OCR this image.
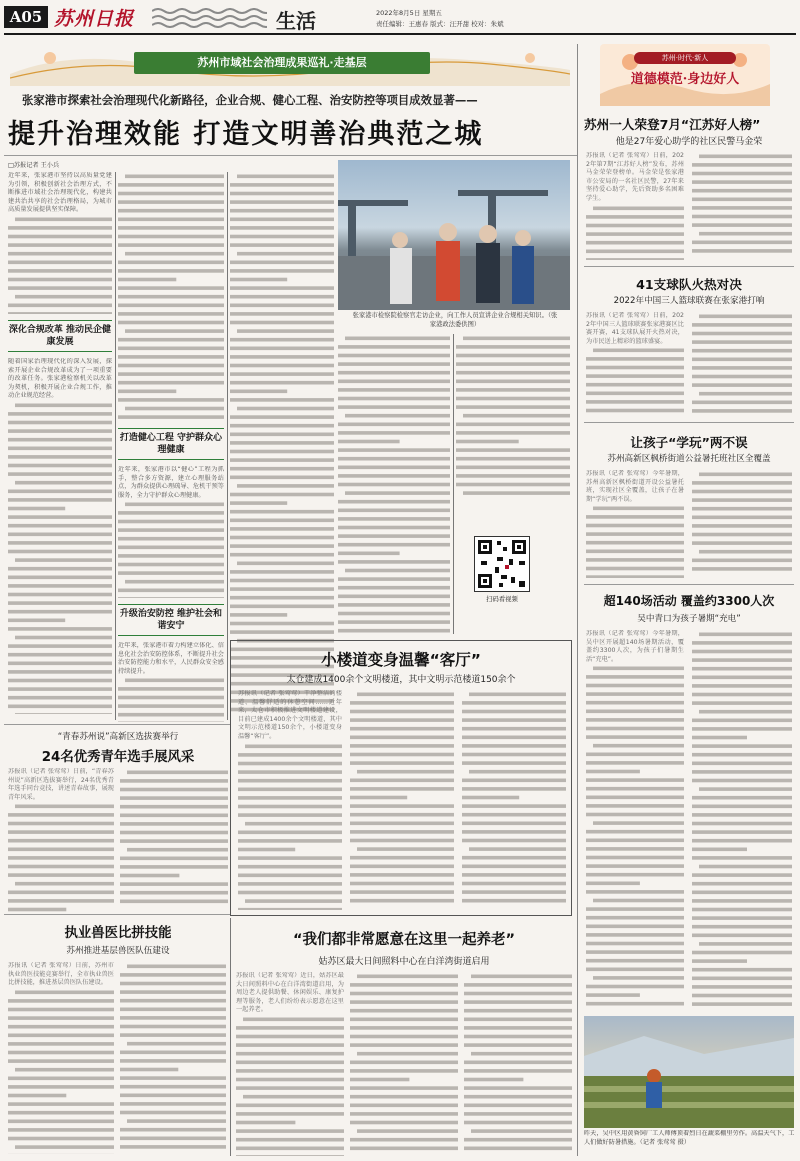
A05 苏州日报	生活	2022年8月5日 星期五
责任编辑：王惠春 版式：汪开甜 校对：朱斌
苏州市域社会治理成果巡礼·走基层
张家港市探索社会治理现代化新路径，企业合规、健心工程、治安防控等项目成效显著——
提升治理效能 打造文明善治典范之城
□苏报记者 王小兵
近年来，张家港市坚持以高质量党建为引领，积极创新社会治理方式，不断推进市域社会治理现代化，构建共建共治共享的社会治理格局，为城市高质量发展提供坚实保障。
深化合规改革 推动民企健康发展
随着国家治理现代化的深入发展，探索开展企业合规改革成为了一项重要的改革任务。张家港检察机关以改革为契机，积极开展企业合规工作，推动企业规范经营。
打造健心工程 守护群众心理健康
近年来，张家港市以“健心”工程为抓手，整合多方资源，建立心理服务站点，为群众提供心理疏导、危机干预等服务，全力守护群众心理健康。
升级治安防控 维护社会和谐安宁
近年来，张家港市着力构建立体化、信息化社会治安防控体系，不断提升社会治安防控能力和水平，人民群众安全感持续提升。
张家港市检察院检察官走访企业，向工作人员宣讲企业合规相关知识。（张家港政法委供图）
扫码看视频
苏州·时代·新人
道德模范·身边好人
苏州一人荣登7月“江苏好人榜”
他是27年爱心助学的社区民警马金荣
苏报讯（记者 张莺莺）日前，2022年第7期“江苏好人榜”发布，苏州马金荣荣登榜单。马金荣是张家港市公安局的一名社区民警，27年来坚持爱心助学，先后资助多名困难学生。
41支球队火热对决
2022年中国三人篮球联赛在张家港打响
苏报讯（记者 张莺莺）日前，2022年中国三人篮球联赛张家港赛区比赛开赛，41支球队展开火热对决，为市民送上精彩的篮球盛宴。
让孩子“学玩”两不误
苏州高新区枫桥街道公益暑托班社区全覆盖
苏报讯（记者 张莺莺）今年暑期，苏州高新区枫桥街道开设公益暑托班，实现社区全覆盖，让孩子在暑期“学玩”两不误。
超140场活动 覆盖约3300人次
吴中青口为孩子暑期“充电”
苏报讯（记者 张莺莺）今年暑期，吴中区开展超140场暑期活动，覆盖约3300人次，为孩子们暑期生活“充电”。
昨天，吴中区用黄昏饲厂工人师傅顶着烈日在蔬菜棚里劳作。高温天气下，工人们做好防暑措施。（记者 张莺莺 摄）
“青春苏州说”高新区选拔赛举行
24名优秀青年选手展风采
苏报讯（记者 张莺莺）日前，“青春苏州说”高新区选拔赛举行，24名优秀青年选手同台竞技，讲述青春故事，展现青年风采。
小楼道变身温馨“客厅”
太仓建成1400余个文明楼道，其中文明示范楼道150余个
苏报讯（记者 张莺莺）干净整洁的楼道、温馨舒适的休憩空间……近年来，太仓市积极推进文明楼道建设，目前已建成1400余个文明楼道，其中文明示范楼道150余个，小楼道变身温馨“客厅”。
执业兽医比拼技能
苏州推进基层兽医队伍建设
苏报讯（记者 张莺莺）日前，苏州市执业兽医技能竞赛举行，全市执业兽医比拼技能，推进基层兽医队伍建设。
“我们都非常愿意在这里一起养老”
姑苏区最大日间照料中心在白洋湾街道启用
苏报讯（记者 张莺莺）近日，姑苏区最大日间照料中心在白洋湾街道启用，为周边老人提供助餐、休闲娱乐、康复护理等服务，老人们纷纷表示愿意在这里一起养老。
